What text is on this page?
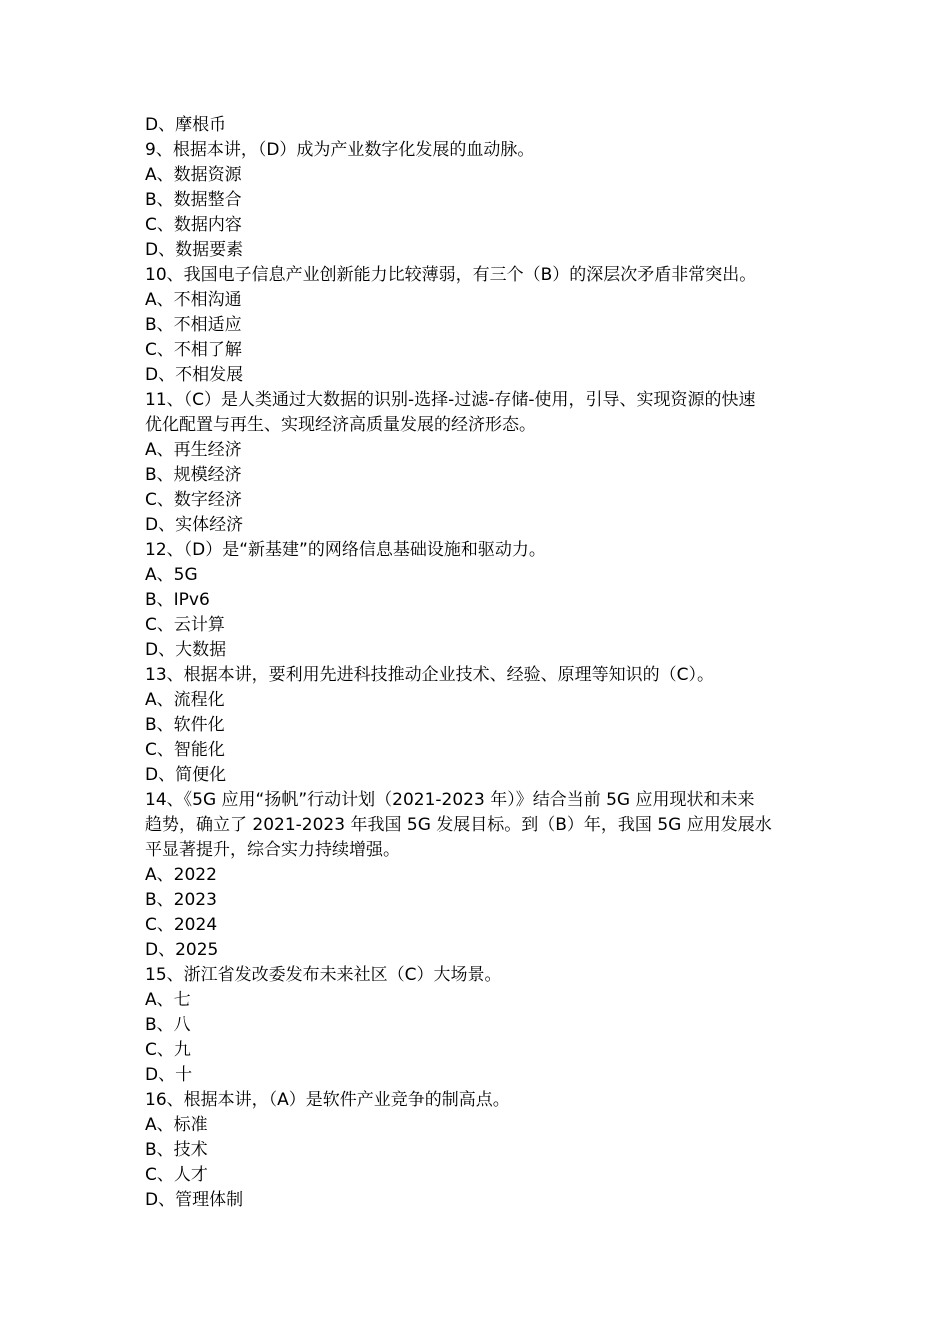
D、摩根币
9、根据本讲，（D）成为产业数字化发展的血动脉。
A、数据资源
B、数据整合
C、数据内容
D、数据要素
10、我国电子信息产业创新能力比较薄弱，有三个（B）的深层次矛盾非常突出。
A、不相沟通
B、不相适应
C、不相了解
D、不相发展
11、（C）是人类通过大数据的识别-选择-过滤-存储-使用，引导、实现资源的快速
优化配置与再生、实现经济高质量发展的经济形态。
A、再生经济
B、规模经济
C、数字经济
D、实体经济
12、（D）是“新基建”的网络信息基础设施和驱动力。
A、5G
B、IPv6
C、云计算
D、大数据
13、根据本讲，要利用先进科技推动企业技术、经验、原理等知识的（C）。
A、流程化
B、软件化
C、智能化
D、简便化
14、《5G 应用“扬帆”行动计划（2021-2023 年）》结合当前 5G 应用现状和未来
趋势，确立了 2021-2023 年我国 5G 发展目标。到（B）年，我国 5G 应用发展水
平显著提升，综合实力持续增强。
A、2022
B、2023
C、2024
D、2025
15、浙江省发改委发布未来社区（C）大场景。
A、七
B、八
C、九
D、十
16、根据本讲，（A）是软件产业竞争的制高点。
A、标准
B、技术
C、人才
D、管理体制
